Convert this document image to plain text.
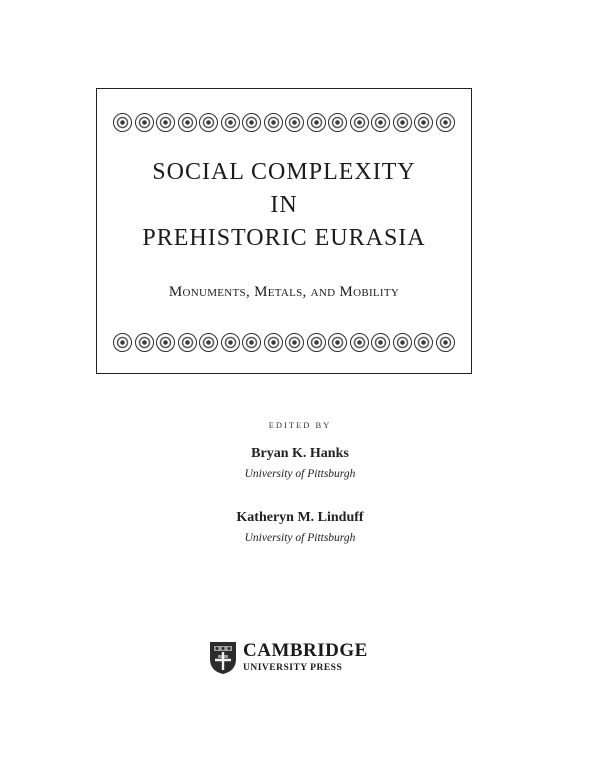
SOCIAL COMPLEXITY
IN
PREHISTORIC EURASIA
Monuments, Metals, and Mobility
EDITED BY
Bryan K. Hanks
University of Pittsburgh
Katheryn M. Linduff
University of Pittsburgh
CAMBRIDGE
UNIVERSITY PRESS
